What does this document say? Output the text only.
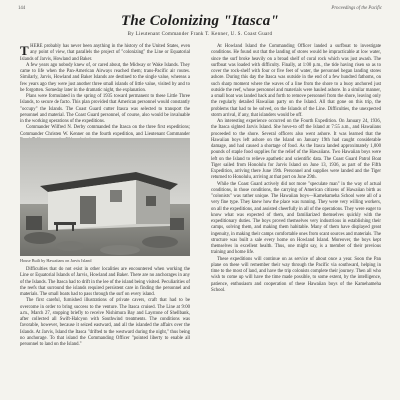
144	Proceedings of the Pacific
The Colonizing "Itasca"
By Lieutenant Commander Frank T. Kenner, U. S. Coast Guard

THERE probably has never been anything in the history of the United States, even any point of view, that parallels the project of "colonizing" the Line or Equatorial Islands of Jarvis, Howland and Baker.

A few years ago nobody knew of, or cared about, the Midway or Wake Islands. They came to life when the Pan-American Airways reached them; trans-Pacific air routes. Similarly, Jarvis, Howland and Baker Islands are destined to the single value, whereas a few years ago they were just another three small islands of little value, visited by and to be forgotten. Someday later in the dramatic night, the explanation.

Plans were formulated in the spring of 1935 toward permanent to these Little Three Islands, to secure de facto. This plan provided that American personnel would constantly "occupy" the Islands. The Coast Guard cutter Itasca was selected to transport the personnel and material. The Coast Guard personnel, of course, also would be invaluable in the working operations of the expeditions.

Commander Wilfred N. Derby commanded the Itasca on the three first expeditions; Commander Christen W. Kenner on the fourth expedition, and Lieutenant Commander

House Built by Hawaiians on Jarvis Island

Difficulties that do not exist in other localities are encountered when working the Line or Equatorial Islands of Jarvis, Howland and Baker. There are no anchorages in any of the Islands. The Itasca had to drift in the lee of the island being visited. Peculiarities of the reefs that surround the islands required persistent care in finding the personnel and materials. The small boats had to pass through the surf on every island.

The first careful, furnished illustrations of private cavers, craft that had to be overcome in order to bring success to the venture. The Itasca cruised. The Line at 9:00 a.m., March 27, stopping briefly to receive Nishimura Bay and Laystone of Shellbank, after collected all Swift-Halcyon with Southwind treatments. The conditions was favorable, however, because it seized eastward, and all the islanded the affairs over the Islands. At Jarvis, Island the Itasca "drifted to the westward during the night," thus being no anchorage. To that island the Commanding Officer "pointed liberty to enable all personnel to land on the Island."

At Howland Island the Commanding Officer landed a surfboat to investigate conditions. He found out that the landing of stores would be impracticable at low water, since the surf broke heavily on a broad shelf of coral rock which was just awash. The surfboat was loaded with difficulty. Finally, at 1:00 p.m., the tide having risen so as to cover the rock-shelf with four or five feet of water, the personnel began landing stores ashore. During this day the Itasca was outside in the end of a few hundred fathoms, on such sharp moment where the waves of a line from the shore to a buoy anchored just outside the reef, whose personnel and materials were hauled ashore. In a similar manner, a small boat was landed back and forth to remove personnel from the shore, leaving only the regularly detailed Hawaiian party on the Island. All that gone on this trip, the problems that had to be solved, on the Islands of the Line. Difficulties, the unexpected storm arrival, if any, that islanders would be off.

An interesting experience occurred on the Fourth Expedition. On January 24, 1936, the Itasca sighted Jarvis Island. She hove-to off the Island at 7:55 a.m., and Hawaiians proceeded to the shore. Several officers also went ashore. It was learned that the Hawaiian boys left ashore on the Island on January 19th had caught considerable damage, and had caused a shortage of food. As the Itasca landed approximately 1,000 pounds of staple food supplies for the relief of the Hawaiians. Two Hawaiian boys were left on the Island to relieve apathetic and scientific data. The Coast Guard Patrol Boat Tiger sailed from Honolulu for Jarvis Island on June 13, 1936, as part of the Fifth Expedition, arriving there June 19th. Personnel and supplies were landed and the Tiger returned to Honolulu, arriving at that port on June 29th.

While the Coast Guard actively did not more "speculate man" in the way of actual conditions, in those conditions, the carrying of American citizens of Hawaiian birth as "colonists" was rather unique. The Hawaiian boys—Kamehameha School were all of a very fine type. They knew how the place was running. They were very willing workers, on all the expeditions, and assisted cheerfully in all of the operations. They were eager to know what was expected of them, and familiarized themselves quickly with the expeditionary duties. The boys proved themselves very industrious in establishing their camps, solving them, and making them habitable. Many of them have displayed great ingenuity, in making their camps comfortable ones from scant sources and materials. The structure was built a sale every home on Howland Island. Moreover, the boys kept themselves in excellent health. Thus, one might say, is a member of their previous training and home life.

These expeditions will continue on as service of about once a year. Soon the Pan plane on these will remember their way through the Pacific via southward, helping in time to the most of land, and have the trip colonists complete their journey. Then all who wish to come up will have the time made possible, to some extent, by the intelligence, patience, enthusiasm and cooperation of these Hawaiian boys of the Kamehameha School.
